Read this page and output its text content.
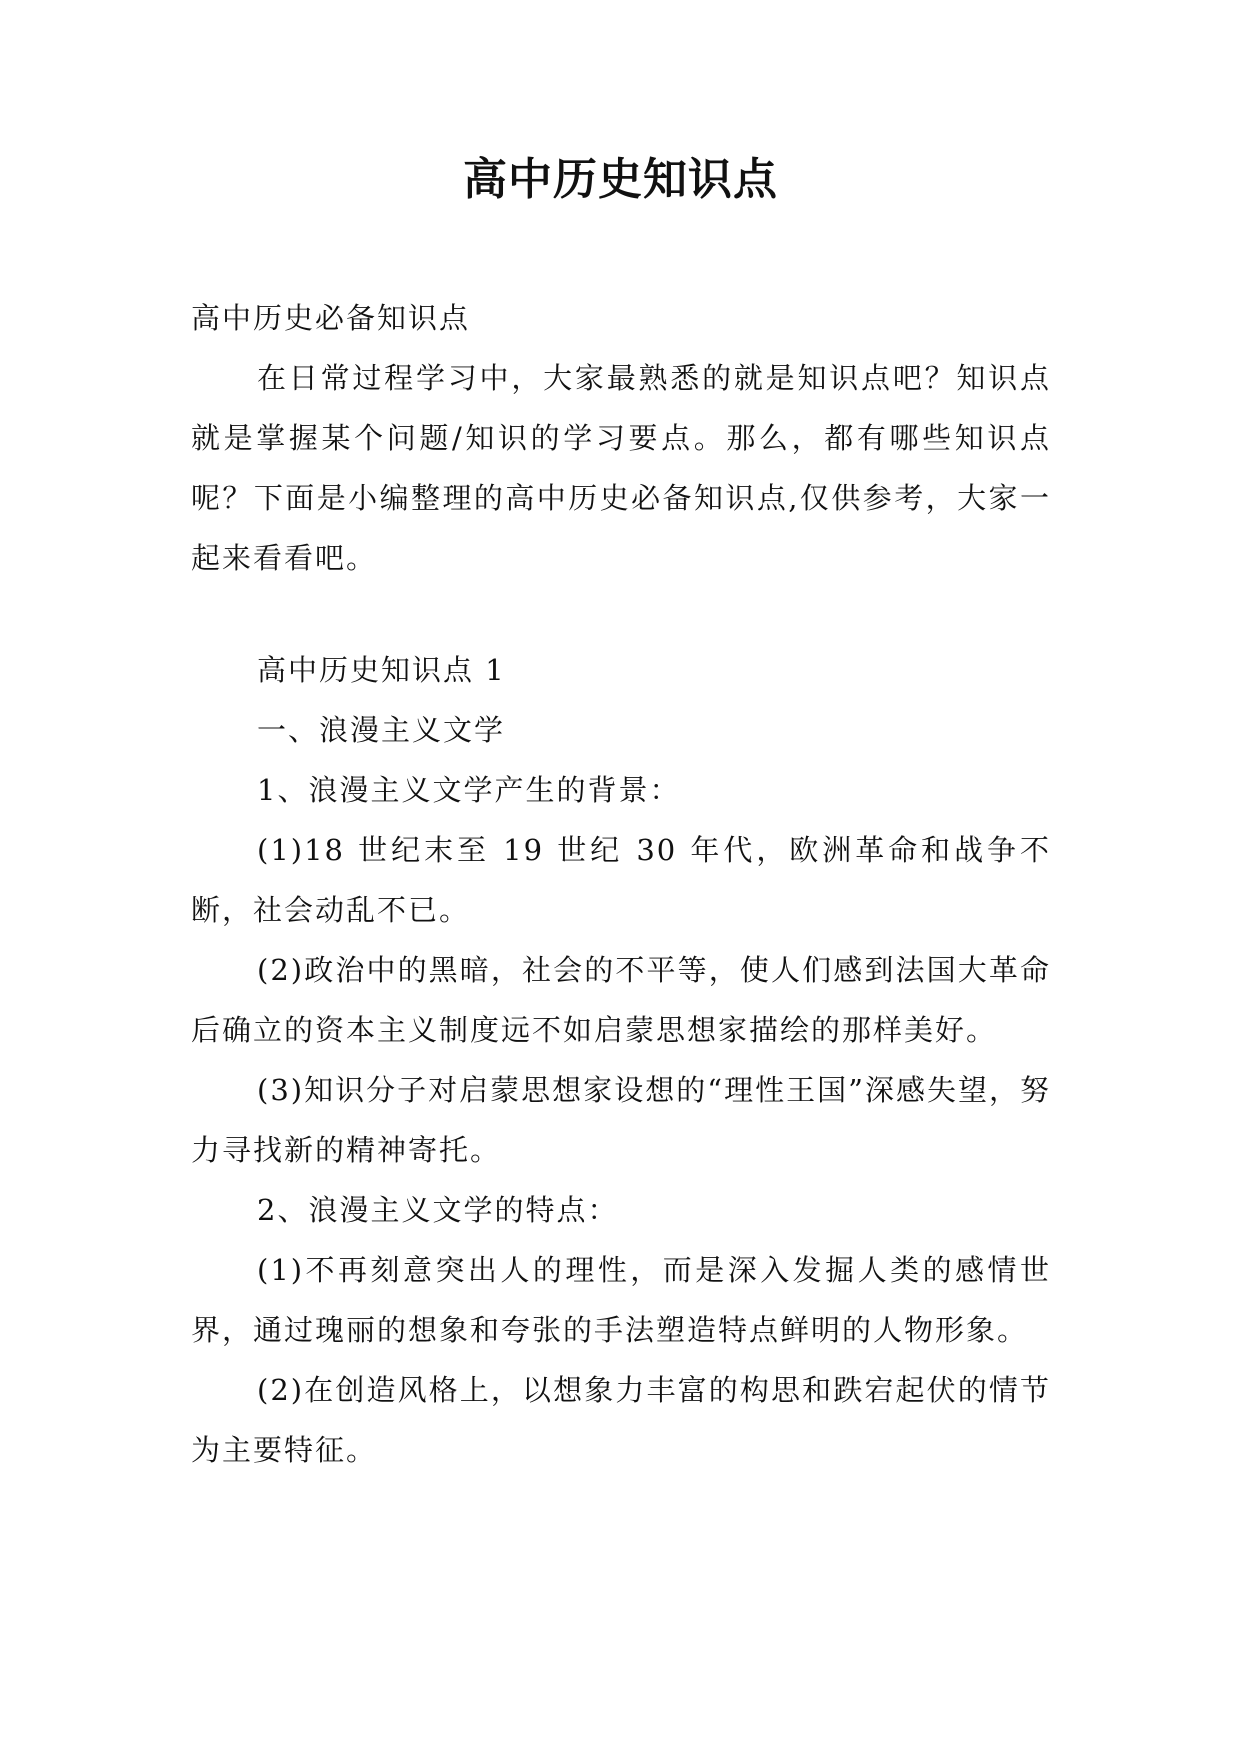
高中历史知识点

高中历史必备知识点

在日常过程学习中，大家最熟悉的就是知识点吧？知识点就是掌握某个问题/知识的学习要点。那么，都有哪些知识点呢？下面是小编整理的高中历史必备知识点,仅供参考，大家一起来看看吧。

高中历史知识点 1

一、浪漫主义文学

1、浪漫主义文学产生的背景：

(1)18 世纪末至 19 世纪 30 年代，欧洲革命和战争不断，社会动乱不已。

(2)政治中的黑暗，社会的不平等，使人们感到法国大革命后确立的资本主义制度远不如启蒙思想家描绘的那样美好。

(3)知识分子对启蒙思想家设想的“理性王国”深感失望，努力寻找新的精神寄托。

2、浪漫主义文学的特点：

(1)不再刻意突出人的理性，而是深入发掘人类的感情世界，通过瑰丽的想象和夸张的手法塑造特点鲜明的人物形象。

(2)在创造风格上，以想象力丰富的构思和跌宕起伏的情节为主要特征。
